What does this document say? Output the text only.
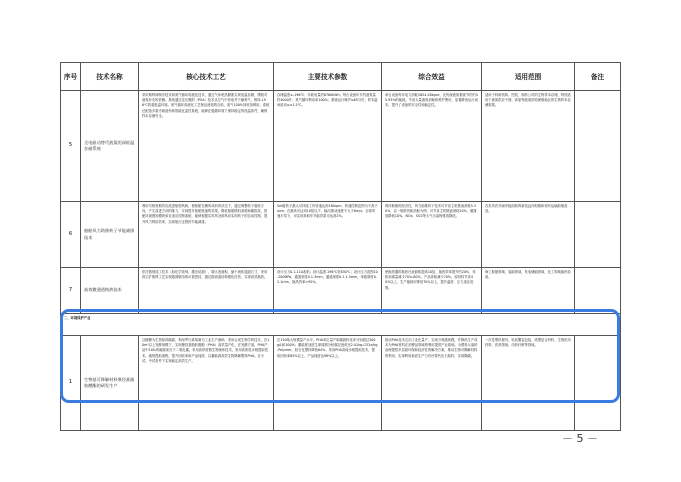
序号	技术名称	核心技术工艺	主要技术参数	综合效益	适用范围	备注
5	全电驱动替代液氮的深低温存储系统	采用斯特林制冷技术和氮气循环再液化技术，通过气体绝热膨胀实现低温存储，摆脱对液氮补充的依赖。系统通过变压吸附（PSA）技术从空气中获取并干燥氮气，维持-196℃的超低温环境。氮气循环再液化工艺保证液氮的自给，氮气100%回收再利用。系统还配备多重冷源备份和智能化监控系统，能够在极端环境下保持稳定的低温条件，确保样本存储安全。	存储温度≤-196℃；年耗电量约8760kWh；每台设备年节约液氮量约4000升；氮气循环利用率100%；系统运行噪声≤65分贝；样本温场波动≤±1.5℃。	单台设备每年电力消耗2654.28kgce，比传统液氮系统节约约45.93%的能耗，节省大量液氮消耗和维护费用，显著降低运行成本，提升了设备的安全性和稳定性。	适用于科研机构、医院、制药公司的生物样本存储，特别适用于液氮供应不便、高原等液氮供给困难地区的生物样本存储需要。	
6	船舶风力助推转子节能减排技术	利用马格努斯效应改进船舶风帆，使船舶在横风或斜风状态下，通过调整转子旋转方向，产生前进方向的推力，实现提升船舶航速的效果，降低船舶燃料消耗和碳排放，搭配环境感知模块和自适应控制系统，能够根据实时风况和风向实现转子的自动控制，提升风力利用效率，实现航行过程的节能减排。	5m级转子最大可持续工作转速达到180rpm；转速控制范围为不高于rpm；在最高可达到10倍以下，输出推动速度不大于8m/s；全球风速平均下，可实现单船年节能效果可达到2%。	保持船舶的经济性，风力助推转子技术可节省主机燃油消耗5-30%，以一般散货和油船为例，可节省主机燃油消耗10%，碳排放降低10%，NOx、SO2等大气污染物排放降低。	各类具有开阔甲板面积的新造远洋船舶和现有运输船舶改造。	
7	高效微通道换热技术	依托微细加工技术（如化学蚀刻、激光切割），增大表面积，缩小流体通道尺寸，采用真空扩散焊工艺实现超薄壁结构可靠密封，通过微流道结构强化传热，实现高效换热。	设计压力0.1-110兆帕；设计温度-196℃至830℃；设计压力范围10-200MPa，通道宽度0.1-3mm，通道深度0.1-1.5mm，单板厚度0.2-1mm，换热效率>95%。	使换热器的换热比表面积提高10倍，换热效率提升约20%，体积和重量减少70%-80%，产品体积减小70%，原材料节省40%以上，生产能耗可降低70%以上，提升温度、压力适应范围。	海工船舶领域、氢能领域、发电储能领域、化工领域换热设备。	
二、环境保护产业						
1	生物基可降解材料聚羟基脂肪酸酯的研发生产	以樹糖为生物原料碳源，利用罗氏真氧菌为工业生产菌种，采用合成生物学的技术，在10m³以上发酵规模下，实现聚羟基脂肪酸酯（PHA）高效量产化，在发酵方面，PHA产品中10%的碳源来自于二氧化碳，采用高浓度微生物菌体技术，采用高浓度水相提取技术，缩短提取流程，提升回收率和产品纯度，以蓄能源高效生物降解塑料PHA。在小试、中试条件下实现稳定高效生产。	在150吨大规模量产水平，PHA单位量产和碳源转化率分别超过300g/L和100%；蓄能度浊度生命周期分析碳足迹低至2.01kg-CO2e/kg-Polymer，较石化塑料降低64%；采用PHA高纯水相提取技术，提取回收率85%以上，产品纯度达98%以上。	推动PHA技术走向工业化量产，实现万吨级规模，并降低生产成本为PHA材料在消费品领域的利用提供产业基础。为塑料污染的治理提供多层面环保和经济性的解决方案，推动生物可降解材料的利用，实现利用新质生产力有序替代化石原料、实现降碳。	一次性塑料餐具、软质膜袋包装、纸塑复合材料、生物医用材料、医美领域、纺织纤维等领域。	
－ 5 －
